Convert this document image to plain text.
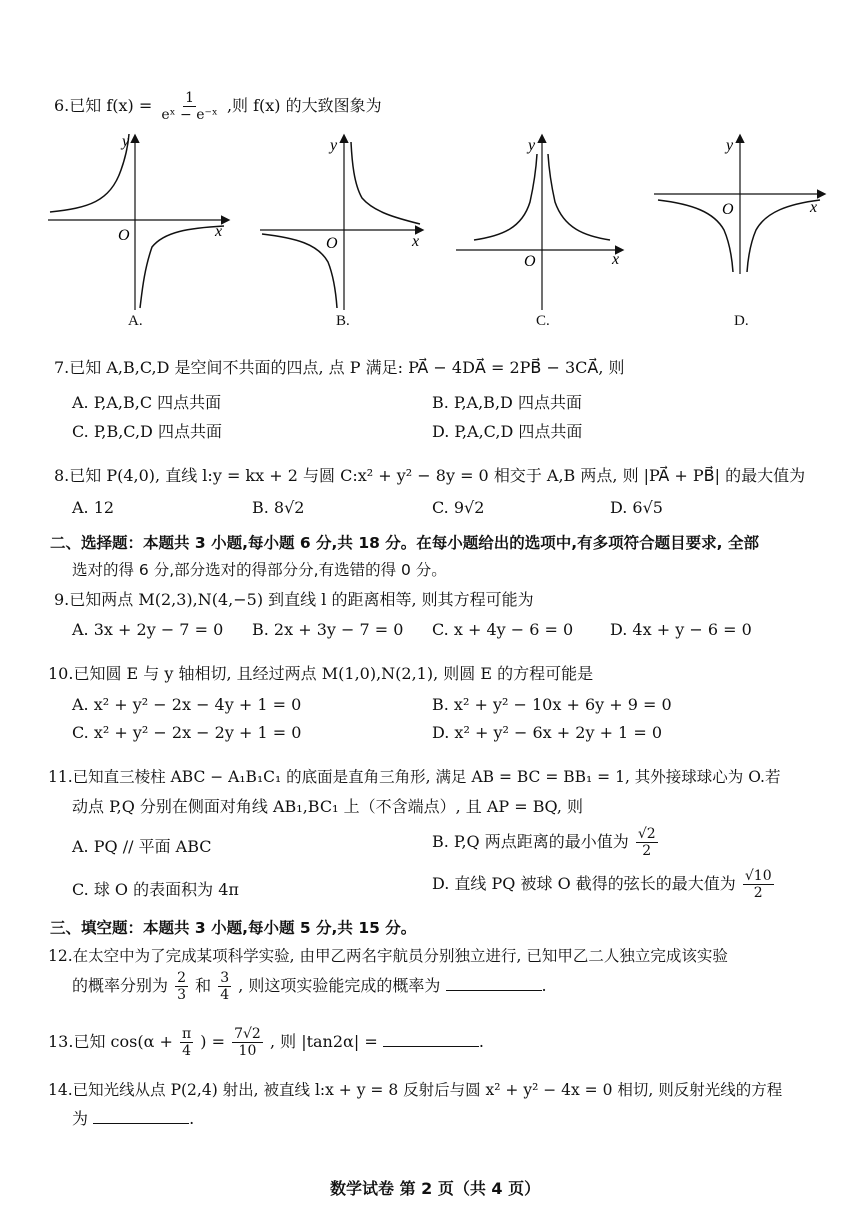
6.已知 $f(x) = \frac{1}{\text{eˣ − e⁻ˣ}}$ ,则 f(x) 的大致图象为
y
x
O
A.
y
x
O
B.
y
x
O
C.
y
x
O
D.
7.已知 A,B,C,D 是空间不共面的四点, 点 P 满足: PA⃗ − 4DA⃗ = 2PB⃗ − 3CA⃗, 则
A. P,A,B,C 四点共面	B. P,A,B,D 四点共面
C. P,B,C,D 四点共面	D. P,A,C,D 四点共面
8.已知 P(4,0), 直线 l:y = kx + 2 与圆 C:x² + y² − 8y = 0 相交于 A,B 两点, 则 |PA⃗ + PB⃗| 的最大值为
A. 12	B. 8√2	C. 9√2	D. 6√5
二、选择题：本题共 3 小题,每小题 6 分,共 18 分。在每小题给出的选项中,有多项符合题目要求, 全部
选对的得 6 分,部分选对的得部分分,有选错的得 0 分。
9.已知两点 M(2,3),N(4,−5) 到直线 l 的距离相等, 则其方程可能为
A. 3x + 2y − 7 = 0 B. 2x + 3y − 7 = 0 C. x + 4y − 6 = 0 D. 4x + y − 6 = 0
10.已知圆 E 与 y 轴相切, 且经过两点 M(1,0),N(2,1), 则圆 E 的方程可能是
A. x² + y² − 2x − 4y + 1 = 0	B. x² + y² − 10x + 6y + 9 = 0
C. x² + y² − 2x − 2y + 1 = 0	D. x² + y² − 6x + 2y + 1 = 0
11.已知直三棱柱 ABC − A₁B₁C₁ 的底面是直角三角形, 满足 AB = BC = BB₁ = 1, 其外接球球心为 O.若
动点 P,Q 分别在侧面对角线 AB₁,BC₁ 上（不含端点）, 且 AP = BQ, 则
A. PQ // 平面 ABC	B. P,Q 两点距离的最小值为 $\frac{√2}{2}$
C. 球 O 的表面积为 4π	D. 直线 PQ 被球 O 截得的弦长的最大值为 $\frac{√10}{2}$
三、填空题：本题共 3 小题,每小题 5 分,共 15 分。
12.在太空中为了完成某项科学实验, 由甲乙两名宇航员分别独立进行, 已知甲乙二人独立完成该实验
的概率分别为 $\frac{2}{3}$ 和 $\frac{3}{4}$ , 则这项实验能完成的概率为	.
13.已知 $\cos(\alpha + \frac{\pi}{4}$ ) = $\frac{7√2}{10}$ , 则 |tan2α| =	.
14.已知光线从点 P(2,4) 射出, 被直线 l:x + y = 8 反射后与圆 x² + y² − 4x = 0 相切, 则反射光线的方程
为	.
数学试卷 第 2 页（共 4 页）
